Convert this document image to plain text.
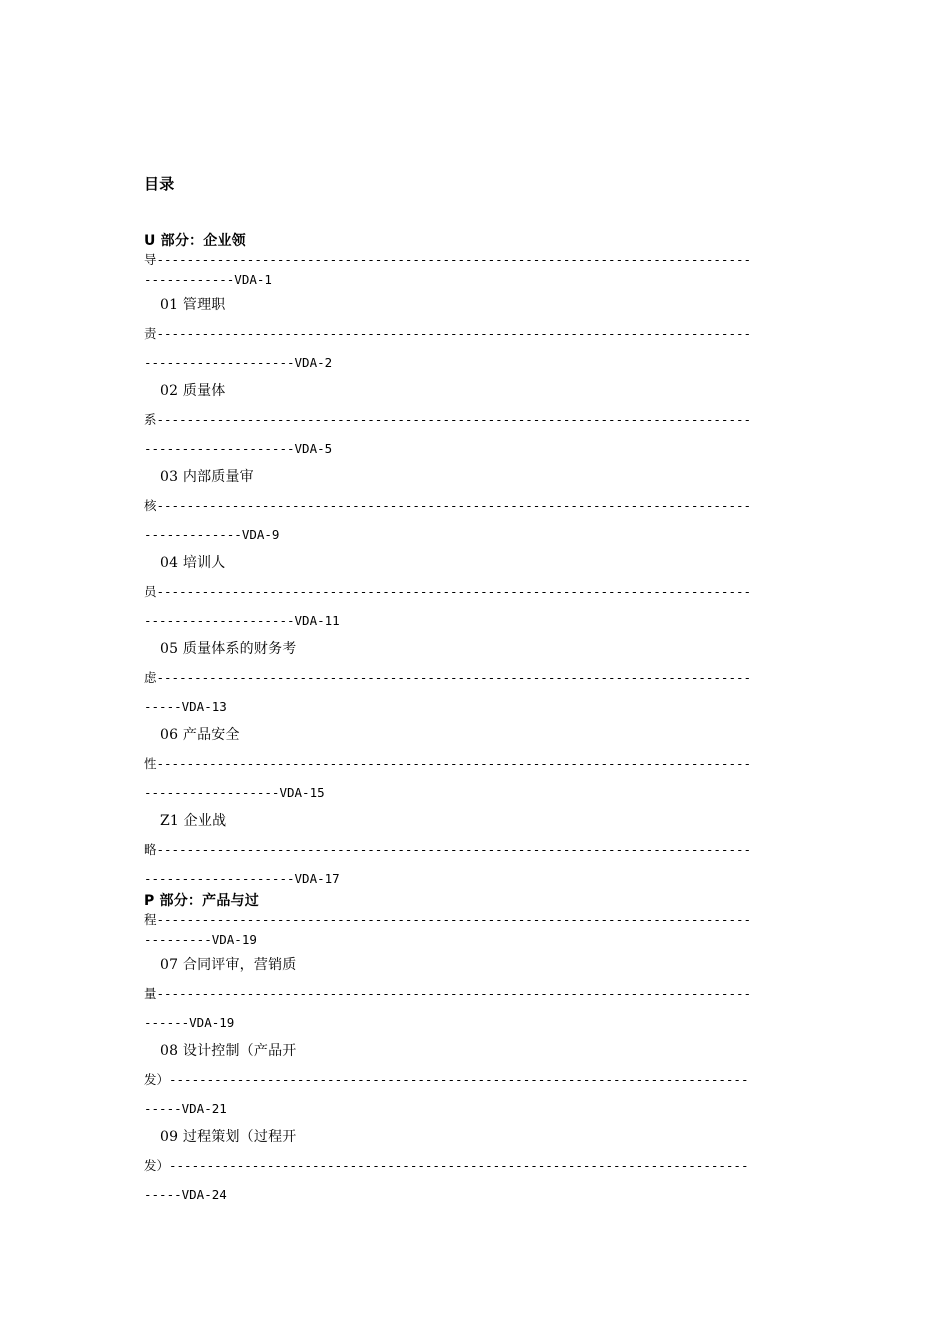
目录
U 部分：企业领
导-------------------------------------------------------------------------------
------------VDA-1
01 管理职
责-------------------------------------------------------------------------------
--------------------VDA-2
02 质量体
系-------------------------------------------------------------------------------
--------------------VDA-5
03 内部质量审
核-------------------------------------------------------------------------------
-------------VDA-9
04 培训人
员-------------------------------------------------------------------------------
--------------------VDA-11
05 质量体系的财务考
虑-------------------------------------------------------------------------------
-----VDA-13
06 产品安全
性-------------------------------------------------------------------------------
------------------VDA-15
Z1 企业战
略-------------------------------------------------------------------------------
--------------------VDA-17
P 部分：产品与过
程-------------------------------------------------------------------------------
---------VDA-19
07 合同评审，营销质
量-------------------------------------------------------------------------------
------VDA-19
08 设计控制（产品开
发）-----------------------------------------------------------------------------
-----VDA-21
09 过程策划（过程开
发）-----------------------------------------------------------------------------
-----VDA-24
